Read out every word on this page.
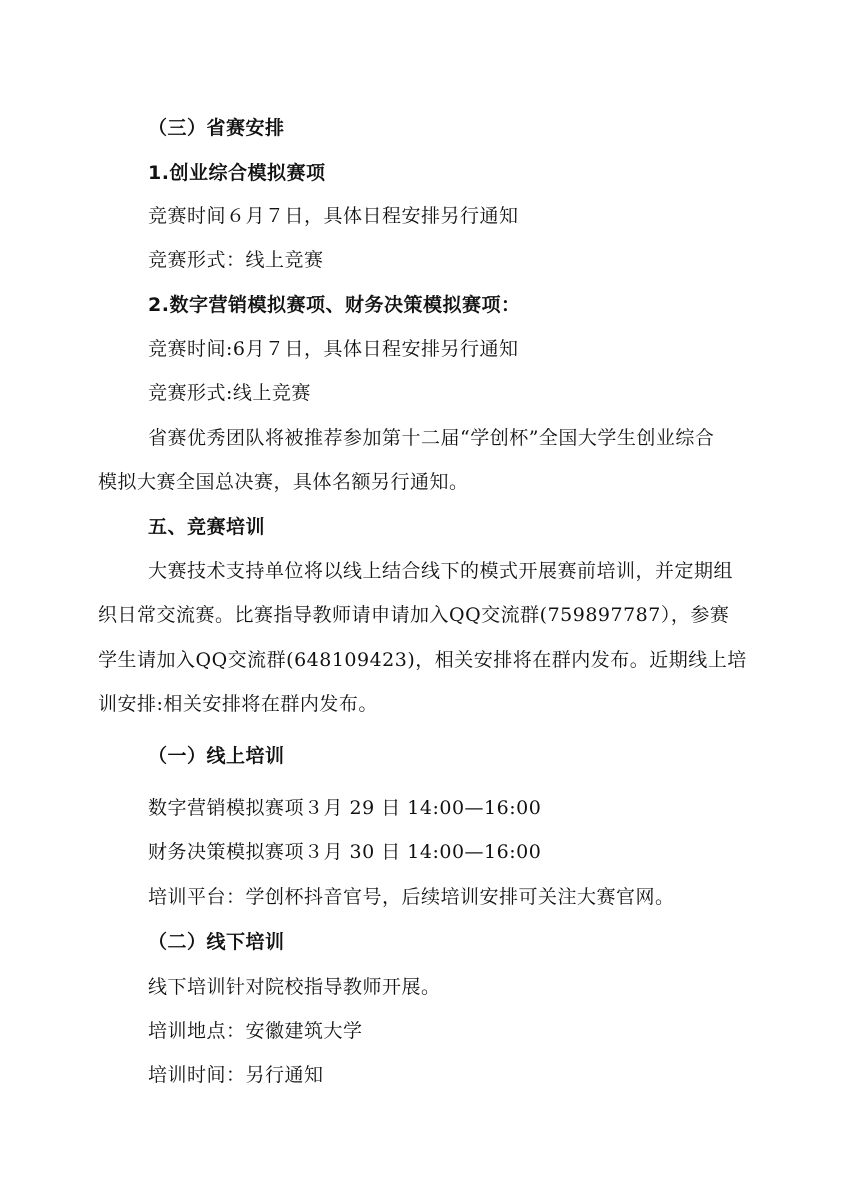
（三）省赛安排

1.创业综合模拟赛项

竞赛时间６月７日，具体日程安排另行通知

竞赛形式：线上竞赛

2.数字营销模拟赛项、财务决策模拟赛项：

竞赛时间:6月７日，具体日程安排另行通知

竞赛形式:线上竞赛

省赛优秀团队将被推荐参加第十二届“学创杯”全国大学生创业综合

模拟大赛全国总决赛，具体名额另行通知。

五、竞赛培训

大赛技术支持单位将以线上结合线下的模式开展赛前培训，并定期组

织日常交流赛。比赛指导教师请申请加入QQ交流群(759897787），参赛

学生请加入QQ交流群(648109423)，相关安排将在群内发布。近期线上培

训安排:相关安排将在群内发布。

（一）线上培训

数字营销模拟赛项３月 29 日 14:00—16:00

财务决策模拟赛项３月 30 日 14:00—16:00

培训平台：学创杯抖音官号，后续培训安排可关注大赛官网。

（二）线下培训

线下培训针对院校指导教师开展。

培训地点：安徽建筑大学

培训时间：另行通知
